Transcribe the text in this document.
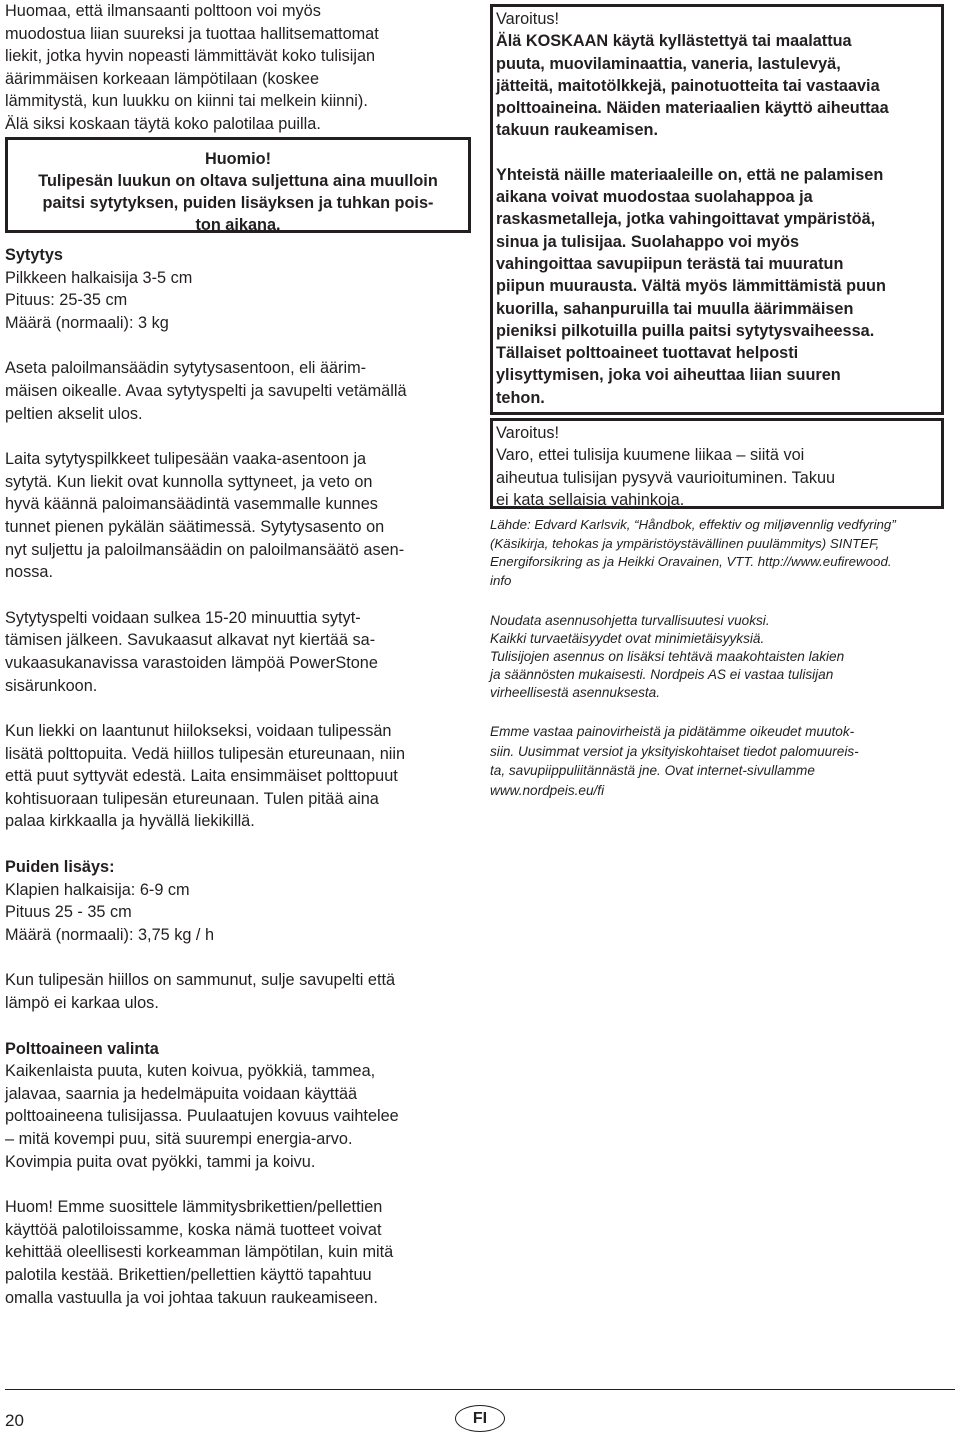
Huomaa, että ilmansaanti polttoon voi myös
muodostua liian suureksi ja tuottaa hallitsemattomat
liekit, jotka hyvin nopeasti lämmittävät koko tulisijan
äärimmäisen korkeaan lämpötilaan (koskee
lämmitystä, kun luukku on kiinni tai melkein kiinni).
Älä siksi koskaan täytä koko palotilaa puilla.

Huomio!

Tulipesän luukun on oltava suljettuna aina muulloin
paitsi sytytyksen, puiden lisäyksen ja tuhkan pois-
ton aikana.

Sytytys

Pilkkeen halkaisija 3-5 cm
Pituus: 25-35 cm
Määrä (normaali): 3 kg

Aseta paloilmansäädin sytytysasentoon, eli äärim-
mäisen oikealle. Avaa sytytyspelti ja savupelti vetämällä
peltien akselit ulos.

Laita sytytyspilkkeet tulipesään vaaka-asentoon ja
sytytä. Kun liekit ovat kunnolla syttyneet, ja veto on
hyvä käännä paloimansäädintä vasemmalle kunnes
tunnet pienen pykälän säätimessä. Sytytysasento on
nyt suljettu ja paloilmansäädin on paloilmansäätö asen-
nossa.

Sytytyspelti voidaan sulkea 15-20 minuuttia sytyt-
tämisen jälkeen. Savukaasut alkavat nyt kiertää sa-
vukaasukanavissa varastoiden lämpöä PowerStone
sisärunkoon.

Kun liekki on laantunut hiilokseksi, voidaan tulipessän
lisätä polttopuita. Vedä hiillos tulipesän etureunaan, niin
että puut syttyvät edestä. Laita ensimmäiset polttopuut
kohtisuoraan tulipesän etureunaan. Tulen pitää aina
palaa kirkkaalla ja hyvällä liekikillä.

Puiden lisäys:

Klapien halkaisija: 6-9 cm
Pituus 25 - 35 cm
Määrä (normaali): 3,75 kg / h

Kun tulipesän hiillos on sammunut, sulje savupelti että
lämpö ei karkaa ulos.

Polttoaineen valinta

Kaikenlaista puuta, kuten koivua, pyökkiä, tammea,
jalavaa, saarnia ja hedelmäpuita voidaan käyttää
polttoaineena tulisijassa. Puulaatujen kovuus vaihtelee
– mitä kovempi puu, sitä suurempi energia-arvo.
Kovimpia puita ovat pyökki, tammi ja koivu.

Huom! Emme suosittele lämmitysbrikettien/pellettien
käyttöä palotiloissamme, koska nämä tuotteet voivat
kehittää oleellisesti korkeamman lämpötilan, kuin mitä
palotila kestää. Brikettien/pellettien käyttö tapahtuu
omalla vastuulla ja voi johtaa takuun raukeamiseen.

Varoitus!

Älä KOSKAAN käytä kyllästettyä tai maalattua
puuta, muovilaminaattia, vaneria, lastulevyä,
jätteitä, maitotölkkejä, painotuotteita tai vastaavia
polttoaineina. Näiden materiaalien käyttö aiheuttaa
takuun raukeamisen.

Yhteistä näille materiaaleille on, että ne palamisen
aikana voivat muodostaa suolahappoa ja
raskasmetalleja, jotka vahingoittavat ympäristöä,
sinua ja tulisijaa. Suolahappo voi myös
vahingoittaa savupiipun terästä tai muuratun
piipun muurausta. Vältä myös lämmittämistä puun
kuorilla, sahanpuruilla tai muulla äärimmäisen
pieniksi pilkotuilla puilla paitsi sytytysvaiheessa.
Tällaiset polttoaineet tuottavat helposti
ylisyttymisen, joka voi aiheuttaa liian suuren
tehon.

Varoitus!

Varo, ettei tulisija kuumene liikaa – siitä voi
aiheutua tulisijan pysyvä vaurioituminen. Takuu
ei kata sellaisia vahinkoja.

Lähde: Edvard Karlsvik, “Håndbok, effektiv og miljøvennlig vedfyring”
(Käsikirja, tehokas ja ympäristöystävällinen puulämmitys) SINTEF,
Energiforsikring as ja Heikki Oravainen, VTT. http://www.eufirewood.
info

Noudata asennusohjetta turvallisuutesi vuoksi.
Kaikki turvaetäisyydet ovat minimietäisyyksiä.
Tulisijojen asennus on lisäksi tehtävä maakohtaisten lakien
ja säännösten mukaisesti. Nordpeis AS ei vastaa tulisijan
virheellisestä asennuksesta.

Emme vastaa painovirheistä ja pidätämme oikeudet muutok-
siin. Uusimmat versiot ja yksityiskohtaiset tiedot palomuureis-
ta, savupiippuliitännästä jne. Ovat internet-sivullamme
www.nordpeis.eu/fi

20	FI
